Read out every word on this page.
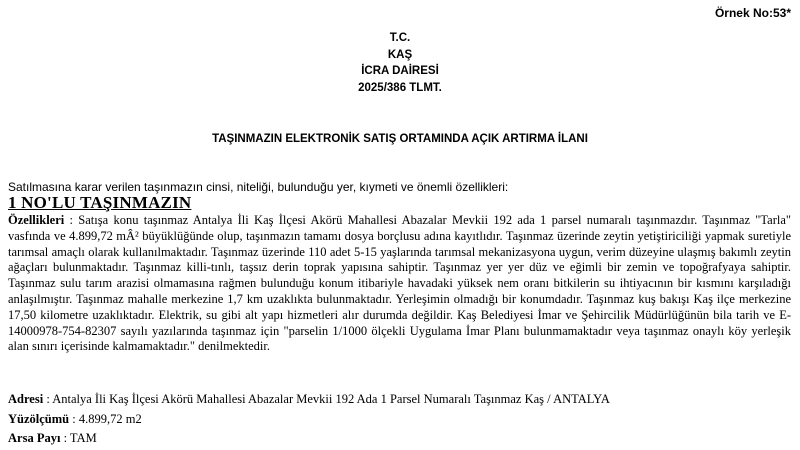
Örnek No:53*
T.C.
KAŞ
İCRA DAİRESİ
2025/386 TLMT.
TAŞINMAZIN ELEKTRONİK SATIŞ ORTAMINDA AÇIK ARTIRMA İLANI
Satılmasına karar verilen taşınmazın cinsi, niteliği, bulunduğu yer, kıymeti ve önemli özellikleri:
1 NO'LU TAŞINMAZIN
Özellikleri : Satışa konu taşınmaz Antalya İli Kaş İlçesi Akörü Mahallesi Abazalar Mevkii 192 ada 1 parsel numaralı taşınmazdır. Taşınmaz "Tarla" vasfında ve 4.899,72 mÂ² büyüklüğünde olup, taşınmazın tamamı dosya borçlusu adına kayıtlıdır. Taşınmaz üzerinde zeytin yetiştiriciliği yapmak suretiyle tarımsal amaçlı olarak kullanılmaktadır. Taşınmaz üzerinde 110 adet 5-15 yaşlarında tarımsal mekanizasyona uygun, verim düzeyine ulaşmış bakımlı zeytin ağaçları bulunmaktadır. Taşınmaz killi-tınlı, taşsız derin toprak yapısına sahiptir. Taşınmaz yer yer düz ve eğimli bir zemin ve topoğrafyaya sahiptir. Taşınmaz sulu tarım arazisi olmamasına rağmen bulunduğu konum itibariyle havadaki yüksek nem oranı bitkilerin su ihtiyacının bir kısmını karşıladığı anlaşılmıştır. Taşınmaz mahalle merkezine 1,7 km uzaklıkta bulunmaktadır. Yerleşimin olmadığı bir konumdadır. Taşınmaz kuş bakışı Kaş ilçe merkezine 17,50 kilometre uzaklıktadır. Elektrik, su gibi alt yapı hizmetleri alır durumda değildir. Kaş Belediyesi İmar ve Şehircilik Müdürlüğünün bila tarih ve E-14000978-754-82307 sayılı yazılarında taşınmaz için "parselin 1/1000 ölçekli Uygulama İmar Planı bulunmamaktadır veya taşınmaz onaylı köy yerleşik alan sınırı içerisinde kalmamaktadır." denilmektedir.
Adresi : Antalya İli Kaş İlçesi Akörü Mahallesi Abazalar Mevkii 192 Ada 1 Parsel Numaralı Taşınmaz Kaş / ANTALYA
Yüzölçümü : 4.899,72 m2
Arsa Payı : TAM
